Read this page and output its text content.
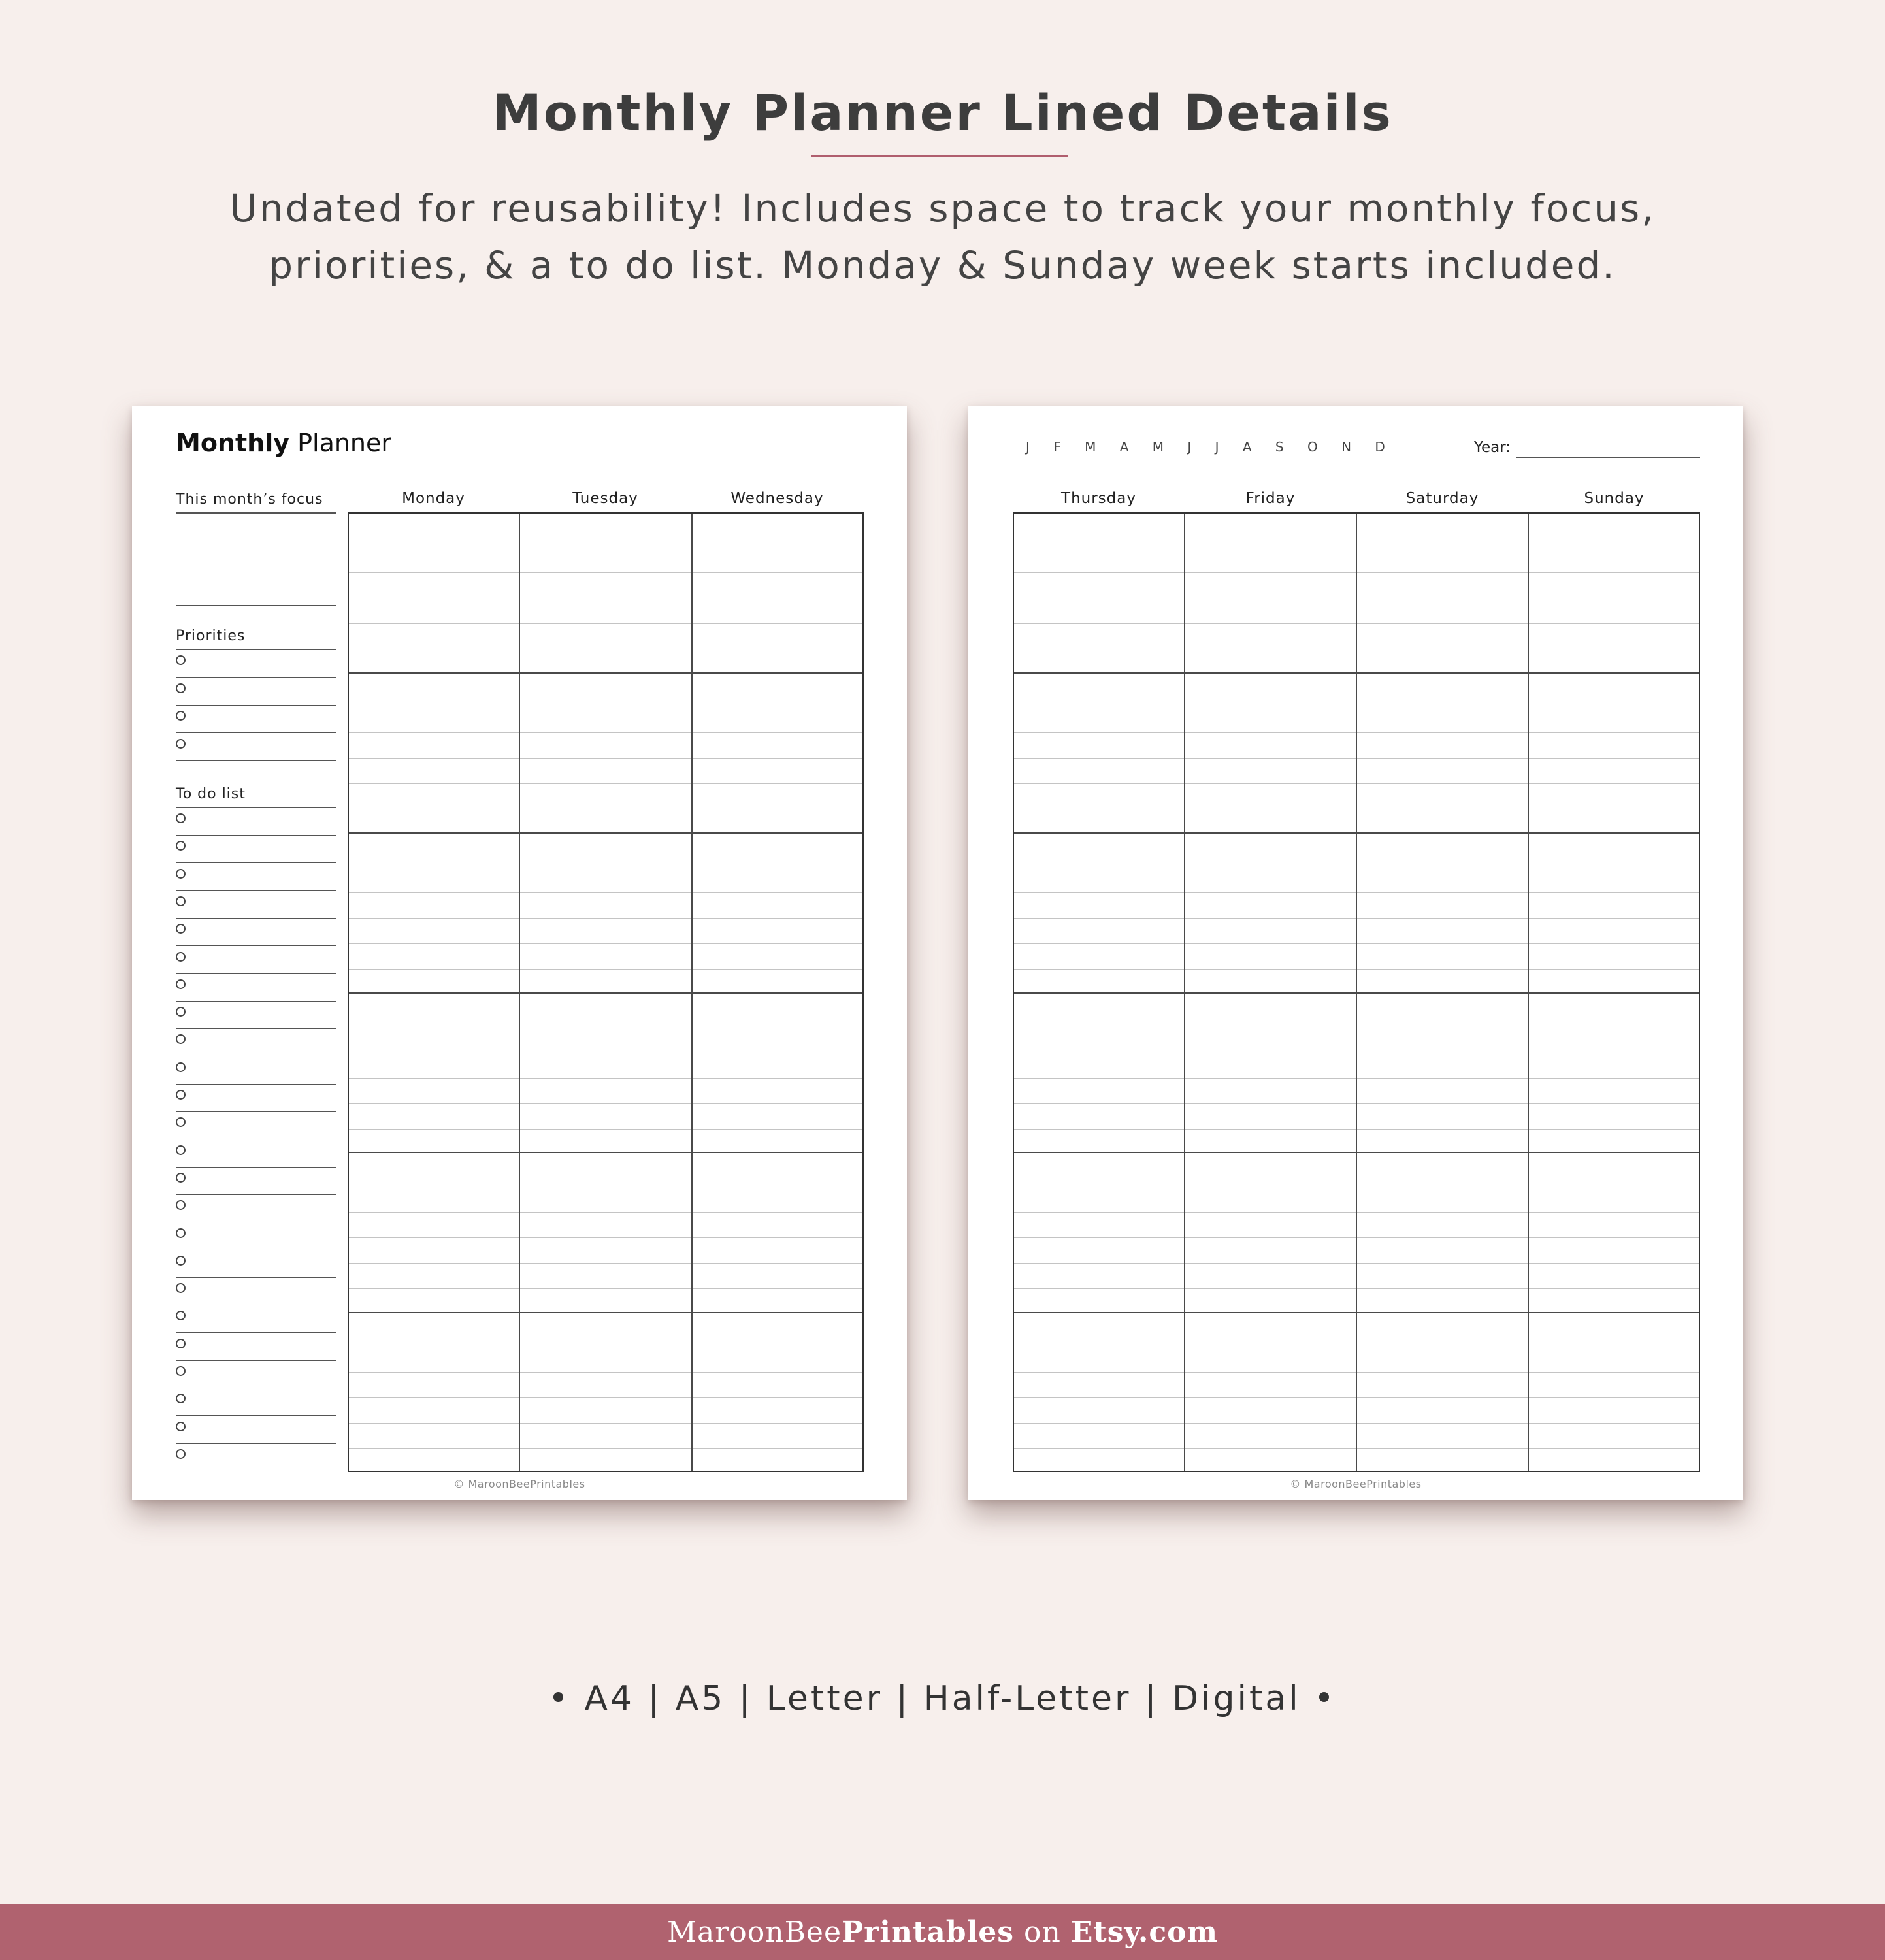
Monthly Planner Lined Details
Undated for reusability! Includes space to track your monthly focus,
priorities, & a to do list. Monday & Sunday week starts included.
Monthly Planner
This month’s focus
Priorities
To do list
Monday	Tuesday	Wednesday
© MaroonBeePrintables
J F M A M J J A S O N D	Year:
Thursday	Friday	Saturday	Sunday
© MaroonBeePrintables
• A4 | A5 | Letter | Half-Letter | Digital •
MaroonBeePrintables on Etsy.com
